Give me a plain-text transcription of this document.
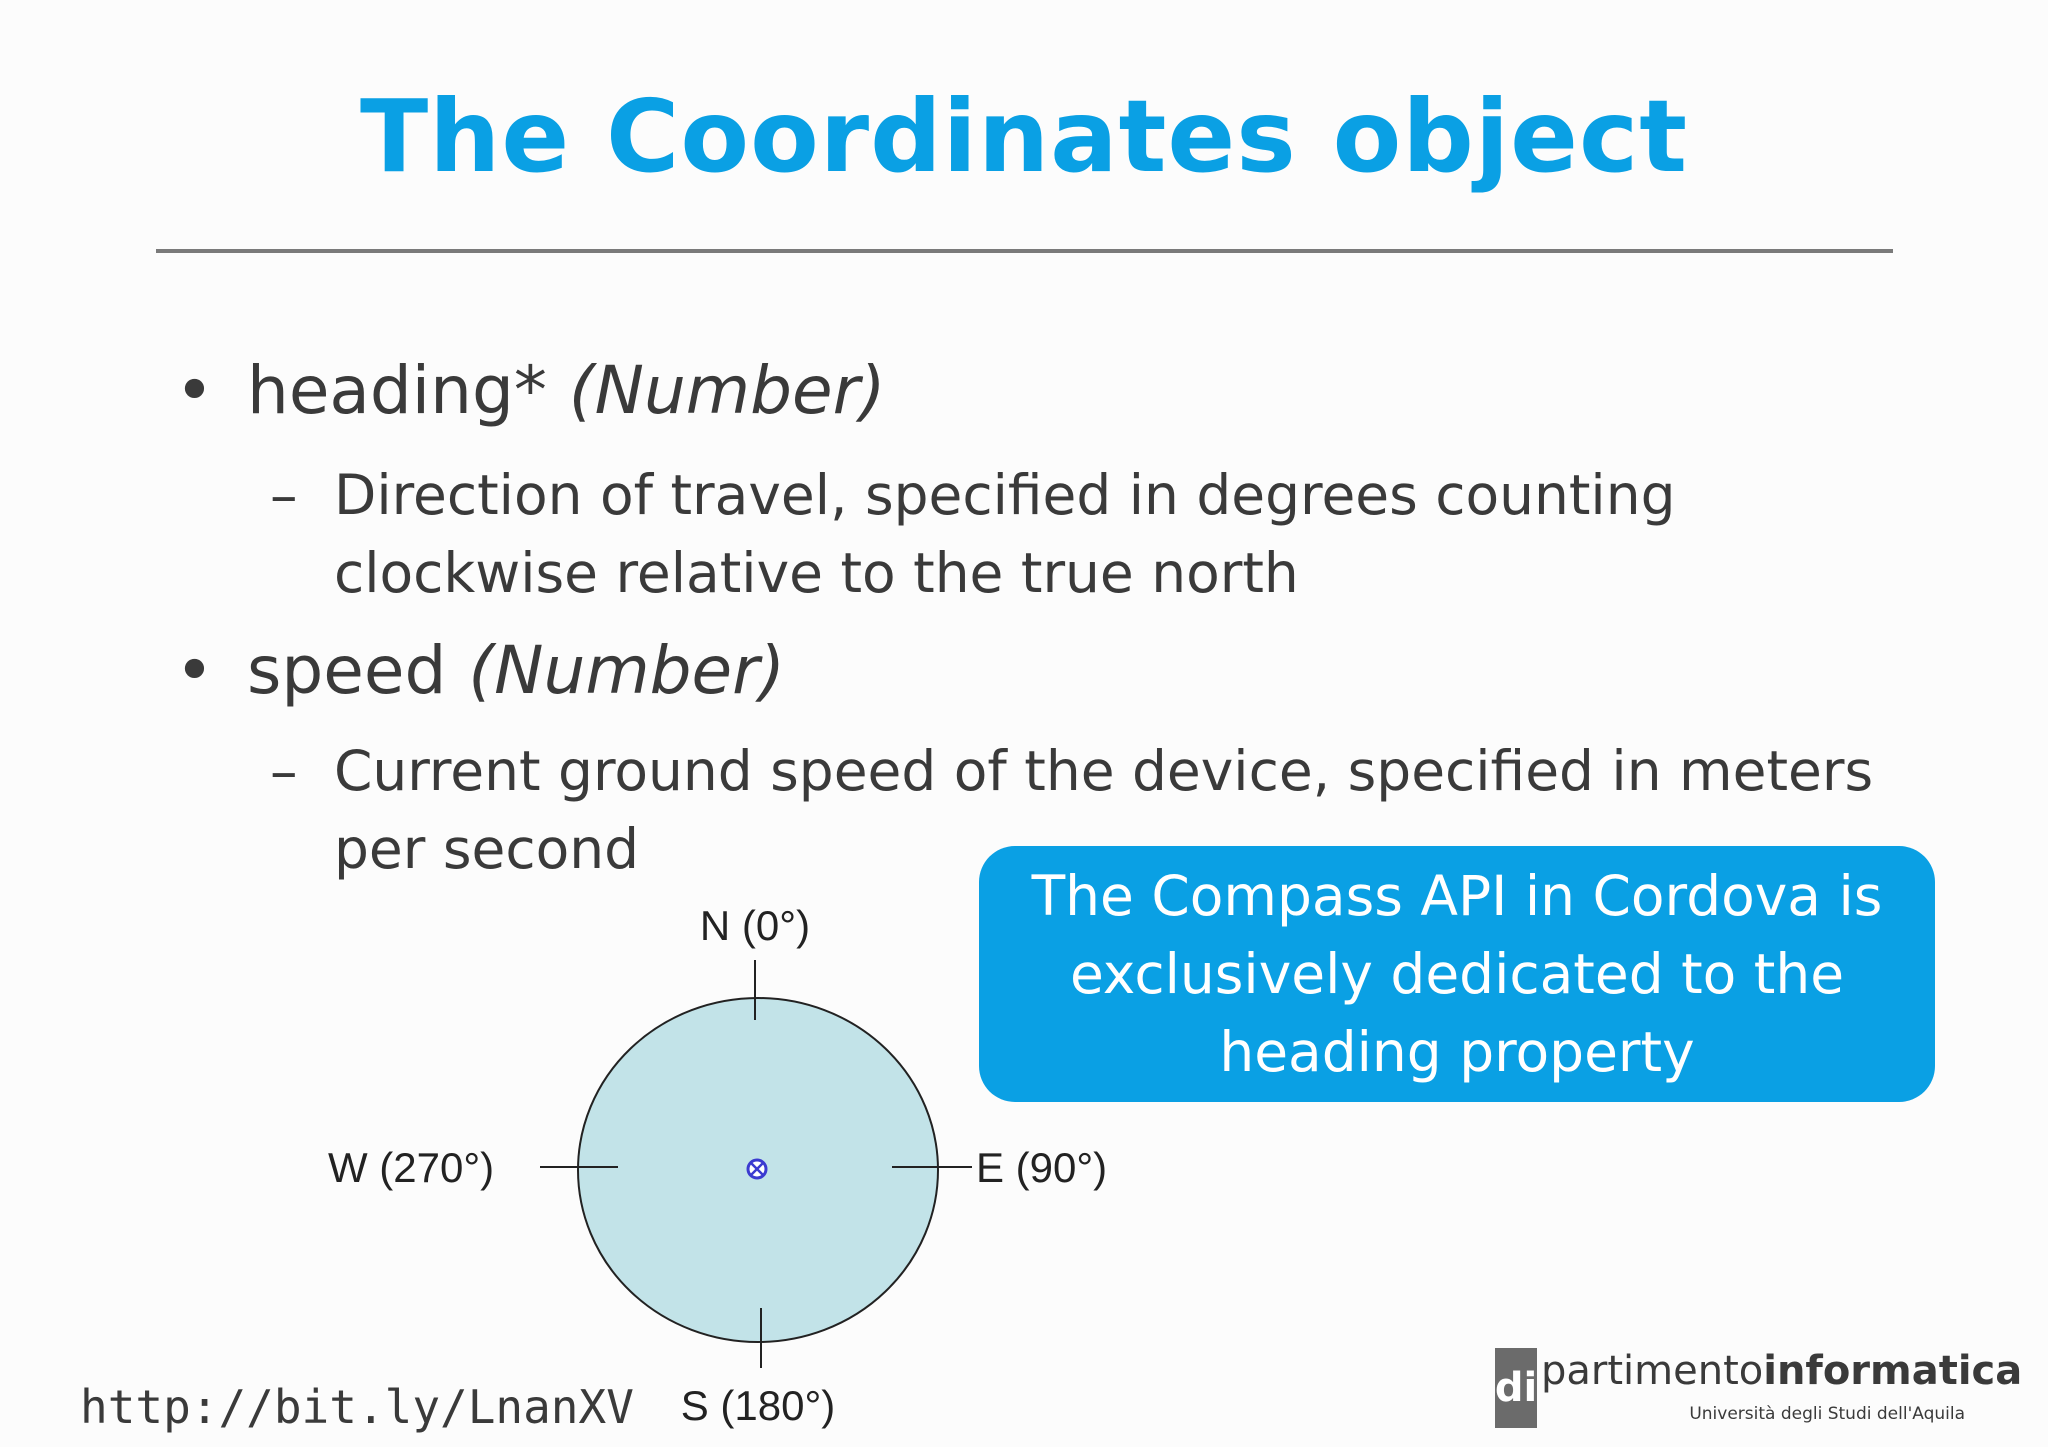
The Coordinates object
• heading* (Number)
– Direction of travel, specified in degrees counting
clockwise relative to the true north
• speed (Number)
– Current ground speed of the device, specified in meters
per second
The Compass API in Cordova is
exclusively dedicated to the
heading property
N (0°)
S (180°)
W (270°)	E (90°)
http://bit.ly/LnanXV	di partimentoinformatica
Università degli Studi dell'Aquila
